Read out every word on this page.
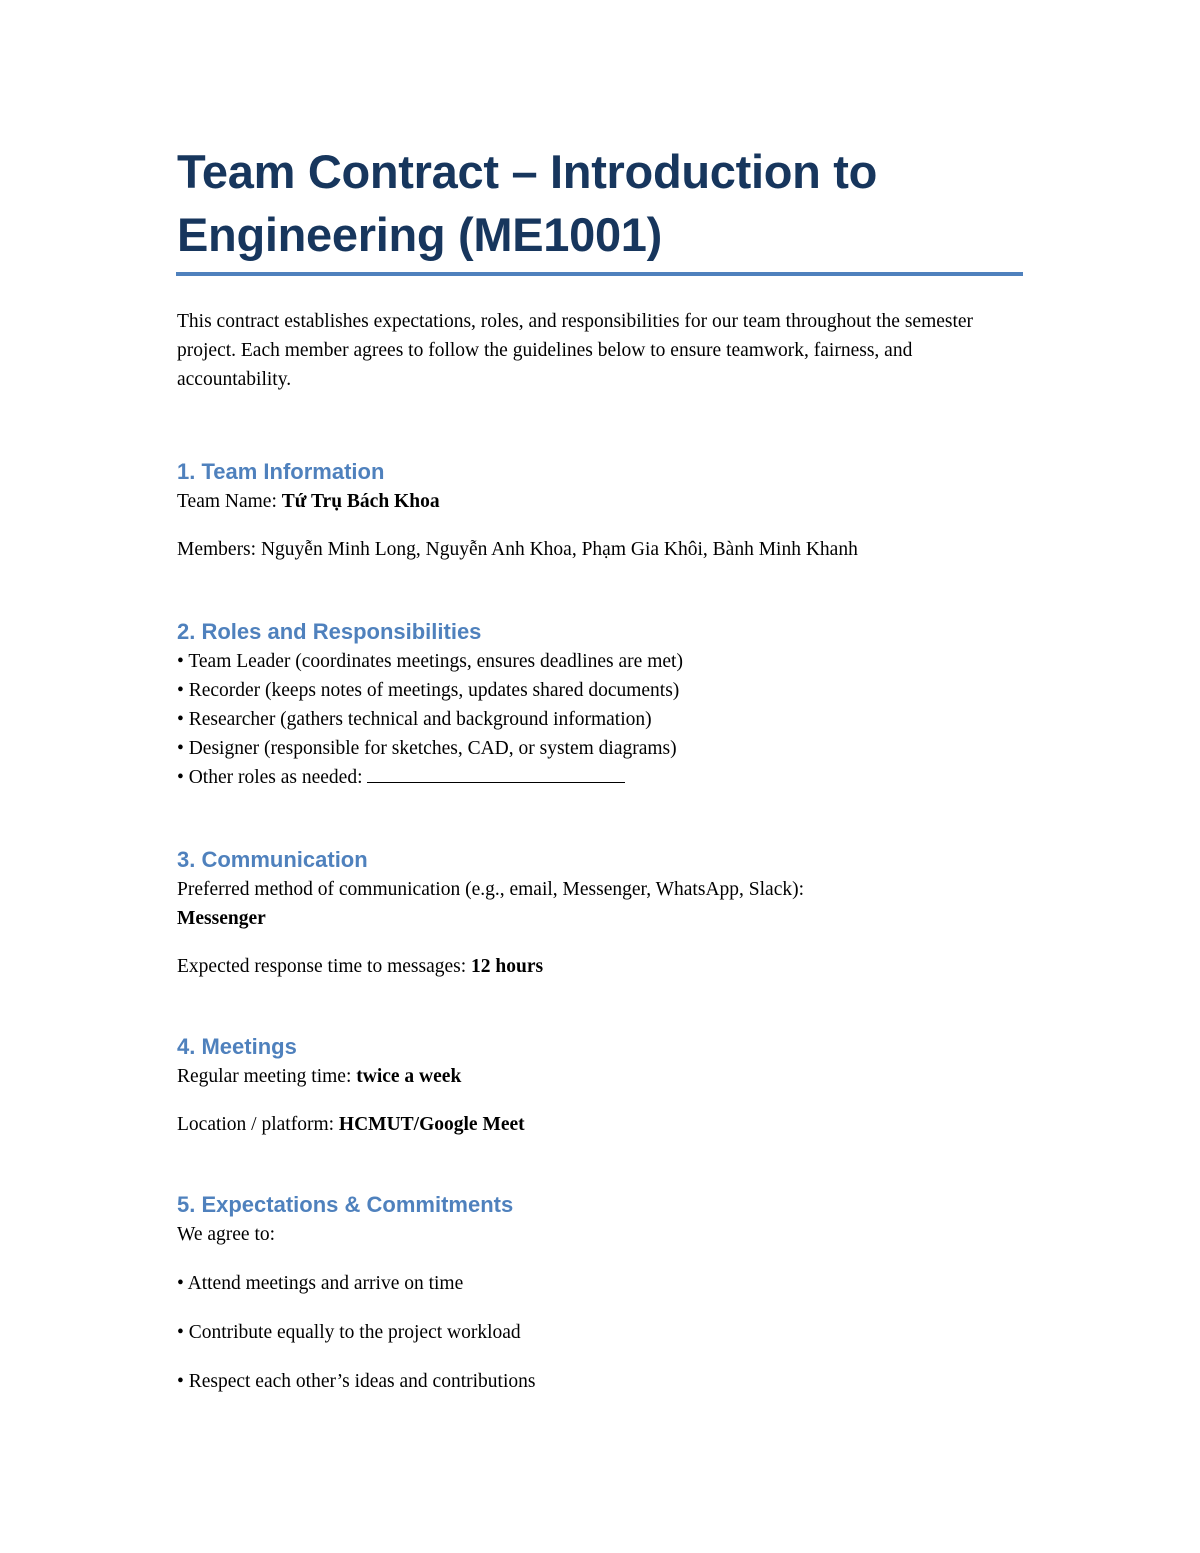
Team Contract – Introduction to Engineering (ME1001)

This contract establishes expectations, roles, and responsibilities for our team throughout the semester project. Each member agrees to follow the guidelines below to ensure teamwork, fairness, and accountability.

1. Team Information

Team Name: Tứ Trụ Bách Khoa

Members: Nguyễn Minh Long, Nguyễn Anh Khoa, Phạm Gia Khôi, Bành Minh Khanh

2. Roles and Responsibilities

• Team Leader (coordinates meetings, ensures deadlines are met)

• Recorder (keeps notes of meetings, updates shared documents)

• Researcher (gathers technical and background information)

• Designer (responsible for sketches, CAD, or system diagrams)

• Other roles as needed:

3. Communication

Preferred method of communication (e.g., email, Messenger, WhatsApp, Slack):

Messenger

Expected response time to messages: 12 hours

4. Meetings

Regular meeting time: twice a week

Location / platform: HCMUT/Google Meet

5. Expectations & Commitments

We agree to:

• Attend meetings and arrive on time

• Contribute equally to the project workload

• Respect each other’s ideas and contributions
